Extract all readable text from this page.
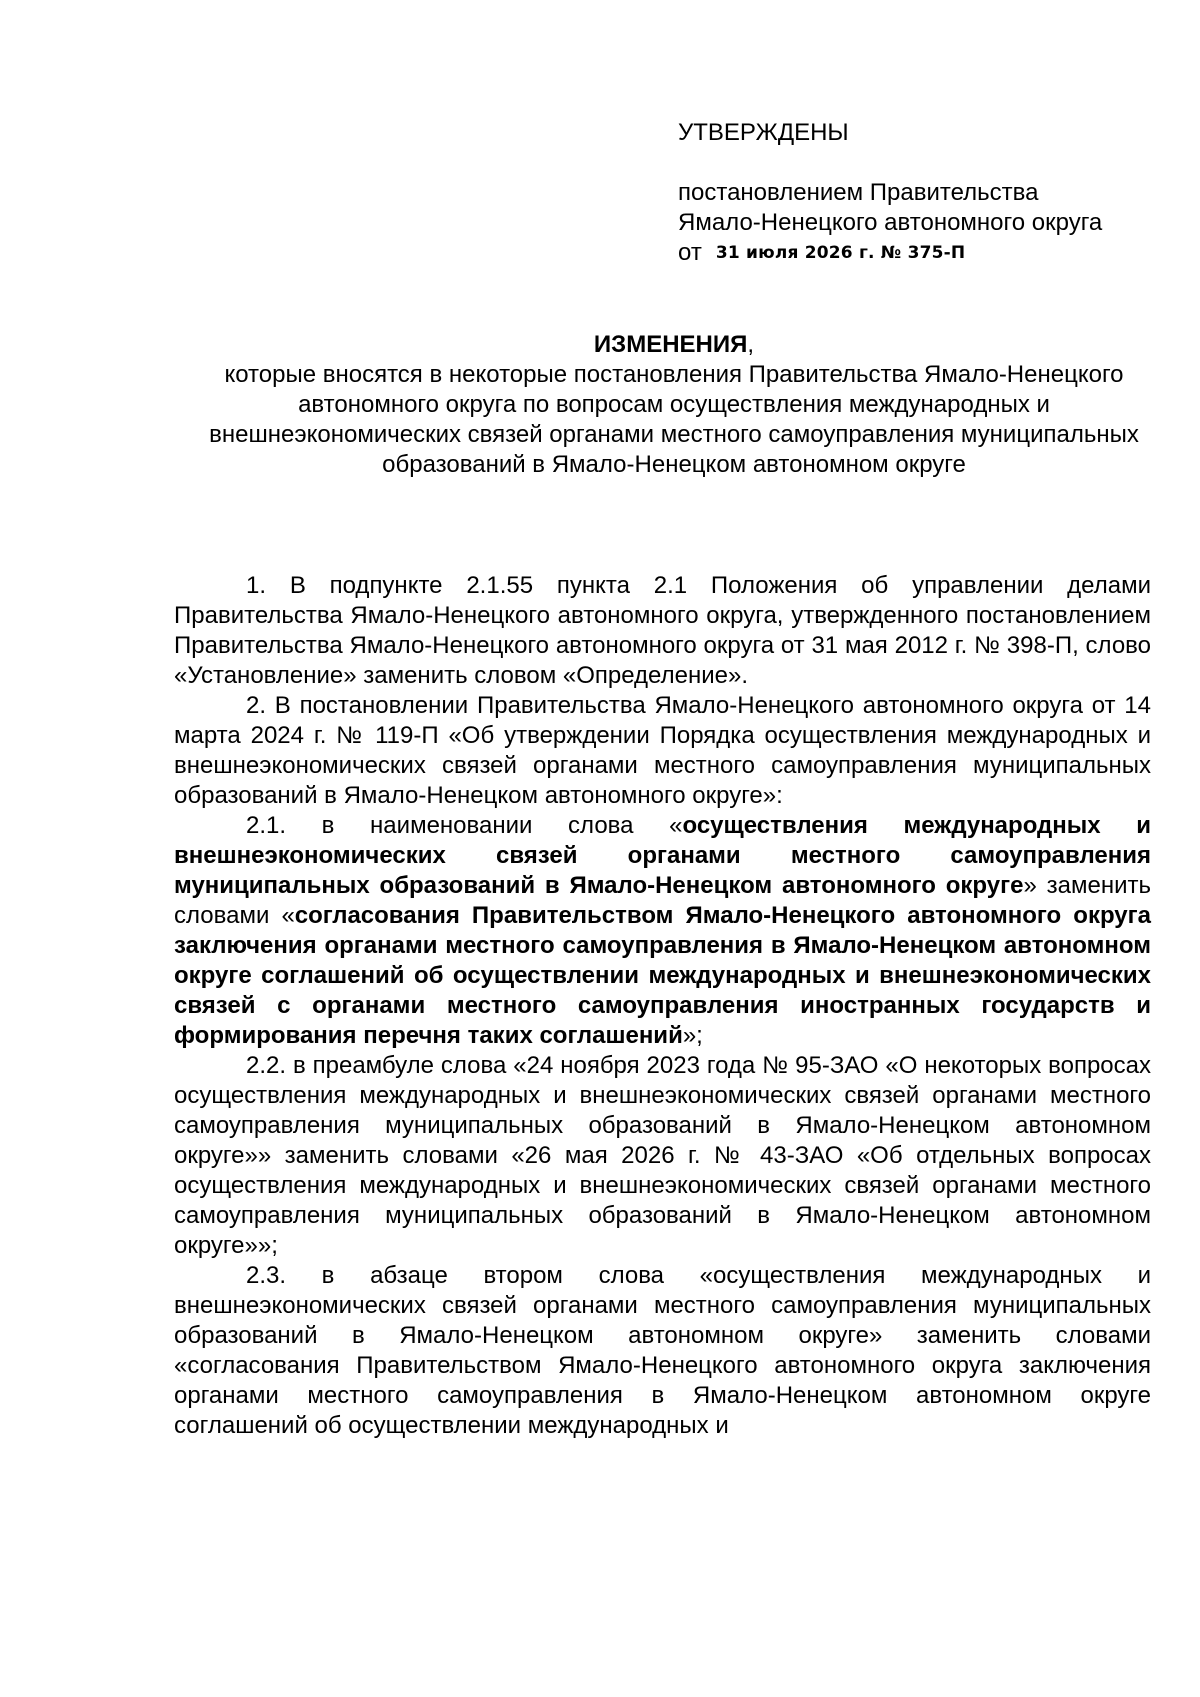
УТВЕРЖДЕНЫ
постановлением Правительства
Ямало-Ненецкого автономного округа
от 31 июля 2026 г. № 375-П
ИЗМЕНЕНИЯ,
которые вносятся в некоторые постановления Правительства Ямало-Ненецкого автономного округа по вопросам осуществления международных и внешнеэкономических связей органами местного самоуправления муниципальных образований в Ямало-Ненецком автономном округе

1. В подпункте 2.1.55 пункта 2.1 Положения об управлении делами Правительства Ямало-Ненецкого автономного округа, утвержденного постановлением Правительства Ямало-Ненецкого автономного округа от 31 мая 2012 г. № 398-П, слово «Установление» заменить словом «Определение».

2. В постановлении Правительства Ямало-Ненецкого автономного округа от 14 марта 2024 г. № 119-П «Об утверждении Порядка осуществления международных и внешнеэкономических связей органами местного самоуправления муниципальных образований в Ямало-Ненецком автономного округе»:

2.1. в наименовании слова «осуществления международных и внешнеэкономических связей органами местного самоуправления муниципальных образований в Ямало-Ненецком автономного округе» заменить словами «согласования Правительством Ямало-Ненецкого автономного округа заключения органами местного самоуправления в Ямало-Ненецком автономном округе соглашений об осуществлении международных и внешнеэкономических связей с органами местного самоуправления иностранных государств и формирования перечня таких соглашений»;

2.2. в преамбуле слова «24 ноября 2023 года № 95-ЗАО «О некоторых вопросах осуществления международных и внешнеэкономических связей органами местного самоуправления муниципальных образований в Ямало-Ненецком автономном округе»» заменить словами «26 мая 2026 г. № 43-ЗАО «Об отдельных вопросах осуществления международных и внешнеэкономических связей органами местного самоуправления муниципальных образований в Ямало-Ненецком автономном округе»»;

2.3. в абзаце втором слова «осуществления международных и внешнеэкономических связей органами местного самоуправления муниципальных образований в Ямало-Ненецком автономном округе» заменить словами «согласования Правительством Ямало-Ненецкого автономного округа заключения органами местного самоуправления в Ямало-Ненецком автономном округе соглашений об осуществлении международных и
